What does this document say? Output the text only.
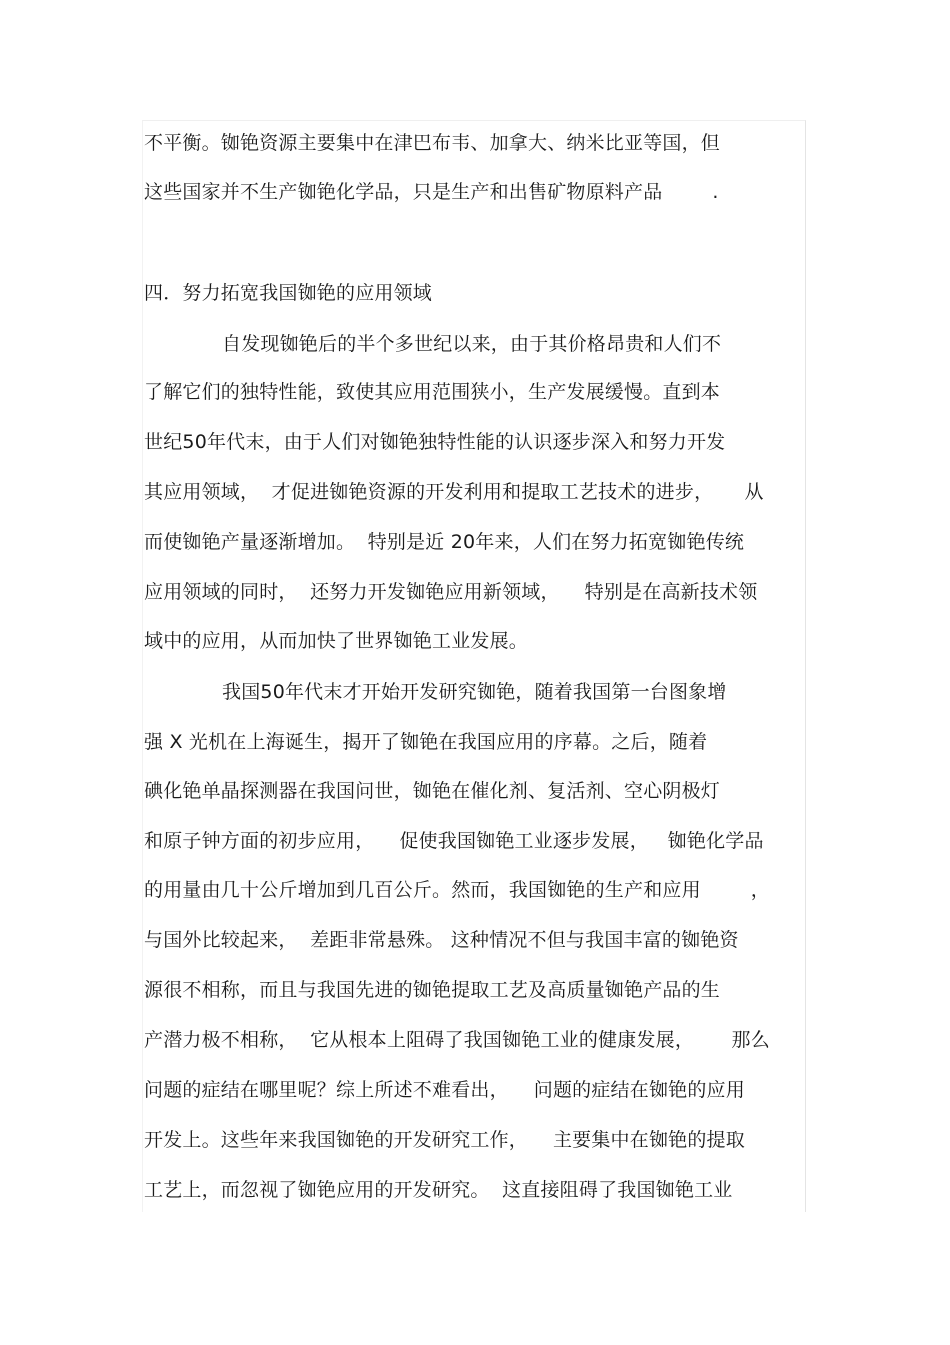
不平衡。铷铯资源主要集中在津巴布韦、加拿大、纳米比亚等国，但
这些国家并不生产铷铯化学品，只是生产和出售矿物原料产品        .
四．努力拓宽我国铷铯的应用领域
自发现铷铯后的半个多世纪以来，由于其价格昂贵和人们不
了解它们的独特性能，致使其应用范围狭小，生产发展缓慢。直到本
世纪50年代末，由于人们对铷铯独特性能的认识逐步深入和努力开发
其应用领域，  才促进铷铯资源的开发利用和提取工艺技术的进步，     从
而使铷铯产量逐渐增加。  特别是近 20年来，人们在努力拓宽铷铯传统
应用领域的同时，  还努力开发铷铯应用新领域，    特别是在高新技术领
域中的应用，从而加快了世界铷铯工业发展。
我国50年代末才开始开发研究铷铯，随着我国第一台图象增
强 X 光机在上海诞生，揭开了铷铯在我国应用的序幕。之后，随着
碘化铯单晶探测器在我国问世，铷铯在催化剂、复活剂、空心阴极灯
和原子钟方面的初步应用，    促使我国铷铯工业逐步发展，   铷铯化学品
的用量由几十公斤增加到几百公斤。然而，我国铷铯的生产和应用        ，
与国外比较起来，  差距非常悬殊。 这种情况不但与我国丰富的铷铯资
源很不相称，而且与我国先进的铷铯提取工艺及高质量铷铯产品的生
产潜力极不相称，  它从根本上阻碍了我国铷铯工业的健康发展，      那么
问题的症结在哪里呢？综上所述不难看出，    问题的症结在铷铯的应用
开发上。这些年来我国铷铯的开发研究工作，    主要集中在铷铯的提取
工艺上，而忽视了铷铯应用的开发研究。  这直接阻碍了我国铷铯工业
